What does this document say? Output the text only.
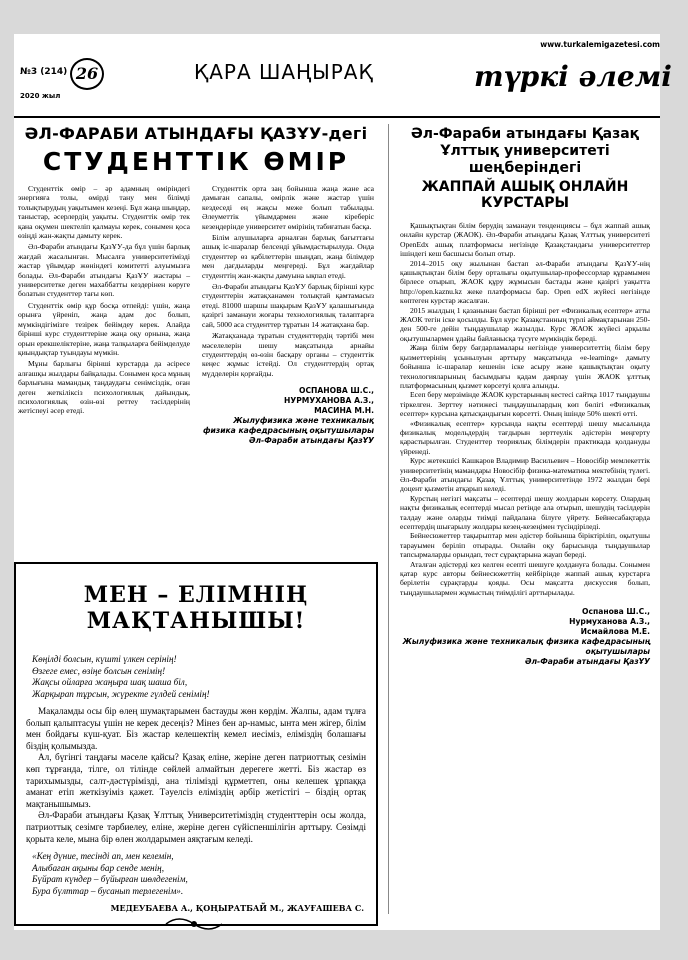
www.turkalemigazetesi.com
№3 (214) 26
2020 жыл
ҚАРА ШАҢЫРАҚ	түркі әлемі
ӘЛ-ФАРАБИ АТЫНДАҒЫ ҚАЗҰУ-дегі
СТУДЕНТТІК ӨМІР

Студенттік өмір – әр адамның өміріндегі энергияға толы, өмірді тану мен білімді толықтырудың уақытымен кезеңі. Бұл жаңа шыңдар, таныстар, әсерлердің уақыты. Студенттік өмір тек қана оқумен шектеліп қалмауы керек, сонымен қоса өзіңді жан-жақты дамыту керек.

Әл-Фараби атындағы ҚазҰУ-да бұл үшін барлық жағдай жасалынған. Мысалға университетімізді жастар үйымдар жөніндегі комитетті алуымызға болады. Әл-Фараби атындағы ҚазҰУ жастары – университетке деген махаббатты кездерінен көруге болатын студенттер тағы көп.

Студенттік өмір құр босқа өтпейді: үшін, жаңа орынға үйреніп, жаңа адам дос болып, мүмкіндігімізге тезірек бейімдеу керек. Алайда бірінші курс студенттеріне жаңа оқу орнына, жаңа орын ерекшеліктеріне, жаңа талқыларға бейімделуде қиындықтар туындауы мүмкін.

Мұны барлығы бірінші курстарда да әсіресе алғашқы жылдары байқалады. Сонымен қоса мұның барлығына мамандық таңдаудағы сенімсіздік, оған деген жеткіліксіз психологиялық дайындық, психологиялық өзін-өзі реттеу тәсілдерінің жетіспеуі әсер етеді.

Студенттік орта заң бойынша жаңа жане аса дамыған сапалы, өмірлік және жастар үшін кездеседі ең жақсы меже болып табылады. Әлеуметтік үйымдармен және кіреберіс кезеңдерінде университет өмірінің табиғатын басқа.

Білім алушыларға арналған барлық бағыттағы ашық іс-шаралар белсенді ұйымдастырылуда. Онда студенттер өз қабілеттерін шыңдап, жаңа білімдер мен дағдыларды меңгереді. Бұл жағдайлар студенттің жан-жақты дамуына ықпал етеді.

Әл-Фараби атындағы ҚазҰУ барлық бірінші курс студенттерін жатақханамен толықтай қамтамасыз етеді. 81000 шаршы шақырым ҚазҰУ қалашығында қазіргі заманауи жоғары технологиялық талаптарға сай, 5000 аса студенттер тұратын 14 жатақхана бар.

Жатақханада тұратын студенттердің тәртібі мен мәселелерін шешу мақсатында арнайы студенттердің өз-өзін басқару органы – студенттік кеңес жұмыс істейді. Ол студенттердің ортақ мүдделерін қорғайды.

ОСПАНОВА Ш.С.,
НУРМУХАНОВА А.З.,
МАСИНА М.Н.
Жылуфизика және техникалық физика кафедрасының оқытушылары
Әл-Фараби атындағы ҚазҰУ
МЕН – ЕЛІМНІҢ МАҚТАНЫШЫ!
Көңілді болсын, күшті үлкен серінің!
Өзгеге емес, өзіңе болсын сенімің!
Жақсы ойларға жаңыра шақ шаша біл,
Жарқырап тұрсын, жүректе гүлдей сенімің!

Мақаламды осы бір өлең шумақтарымен бастауды жөн көрдім. Жалпы, адам тұлға болып қалыптасуы үшін не керек десеңіз? Мінез бен ар-намыс, ынта мен жігер, білім мен бойдағы күш-қуат. Біз жастар келешектің кемел иесіміз, еліміздің болашағы біздің қолымызда.

Ал, бүгінгі таңдағы мәселе қайсы? Қазақ еліне, жеріне деген патриоттық сезімін көп тұрғанда, тілге, ол тілінде сөйлей алмайтын дерегеге жетті. Біз жастар өз тарихымызды, салт-дәстүрімізді, ана тілімізді құрметтеп, оны келешек ұрпаққа аманат етіп жеткізуіміз қажет. Тәуелсіз еліміздің әрбір жетістігі – біздің ортақ мақтанышымыз.

Әл-Фараби атындағы Қазақ Ұлттық Университетіміздің студенттерін осы жолда, патриоттық сезімге тәрбиелеу, еліне, жеріне деген сүйіспеншілігін арттыру. Сөзімді қорыта келе, мына бір өлен жолдарымен аяқтағым келеді.

«Кең дүние, тесінді ап, мен келемін,
Алыбаған ақыны бар сенде менің,
Бүйрат күндер – бүйырған шөлдегенім,
Бура бүлттар – бусанып терлегенім».
МЕДЕУБАЕВА А., ҚОҢЫРАТБАЙ М., ЖАУҒАШЕВА С.
Әл-Фараби атындағы Қазақ Ұлттық университеті шеңберіндегі
ЖАППАЙ АШЫҚ ОНЛАЙН КУРСТАРЫ

Қашықтықтан білім берудің заманауи тенденциясы – бұл жаппай ашық онлайн курстар (ЖАОК). Әл-Фараби атындағы Қазақ Ұлттық университеті OpenEdx ашық платформасы негізінде Қазақстандағы университеттер ішіндегі кеш басшысы болып отыр.

2014–2015 оқу жылынан бастап әл-Фараби атындағы ҚазҰУ-нің қашықтықтан білім беру орталығы оқытушылар-профессорлар құрамымен бірлесе отырып, ЖАОК құру жұмысын бастады және қазіргі уақытта http://open.kaznu.kz жеке платформасы бар. Open edX жүйесі негізінде көптеген курстар жасалған.

2015 жылдың 1 қазанынан бастап бірінші рет «Физикалық есептер» атты ЖАОК тегін іске қосылды. Бұл курс Қазақстанның түрлі аймақтарынан 250-ден 500-ге дейін тыңдаушылар жазылды. Курс ЖАОК жүйесі арқылы оқытушылармен ұдайы байланысқа түсуге мүмкіндік береді.

Жаңа білім беру бағдарламалары негізінде университеттің білім беру қызметтерінің ұсынылуын арттыру мақсатында «e-learning» дамыту бойынша іс-шаралар кешенін іске асыру және қашықтықтан оқыту технологияларының басымдығы қадам даярлау үшін ЖАОК ұлттық платформасының қызмет көрсетуі қолға алынды.

Есеп беру мерзімінде ЖАОК курстарының кестесі сайтқа 1017 тыңдаушы тіркелген. Зерттеу нәтижесі тыңдаушылардың көп бөлігі «Физикалық есептер» курсына қатысқандығын көрсетті. Оның ішінде 50% шекті өтті.

«Физикалық есептер» курсында нақты есептерді шешу мысалында физикалық модельдердің тағдырын зерттеулік әдістерін меңгерту қарастырылған. Студенттер теориялық білімдерін практикада қолдануды үйренеді.

Курс жетекшісі Кашкаров Владимир Васильевич – Новосібір мемлекеттік университетінің мамандары Новосібір физика-математика мектебінің түлегі. Әл-Фараби атындағы Қазақ Ұлттық университетінде 1972 жылдан бері доцент қызметін атқарып келеді.

Курстың негізгі мақсаты – есептерді шешу жолдарын көрсету. Олардың нақты физикалық есептерді мысал ретінде ала отырып, шешудің тәсілдерін талдау және оларды тиімді пайдалана білуге үйрету. Бейнесабақтарда есептердің шығарылу жолдары кезең-кезеңімен түсіндіріледі.

Бейнесюжеттер тақырыптар мен әдістер бойынша біріктіріліп, оқытушы тарауымен беріліп отырады. Онлайн оқу барысында тыңдаушылар тапсырмаларды орындап, тест сұрақтарына жауап береді.

Аталған әдістерді кез келген есепті шешуге қолдануға болады. Сонымен қатар курс авторы бейнесюжеттің кейбірінде жаппай ашық курстарға берілетін сұрақтарды қояды. Осы мақсатта дискуссия болып, тыңдаушылармен жұмыстың тиімділігі арттырылады.

Оспанова Ш.С.,
Нурмуханова А.З.,
Исмайлова М.Е.
Жылуфизика және техникалық физика кафедрасының оқытушылары
Әл-Фараби атындағы ҚазҰУ
